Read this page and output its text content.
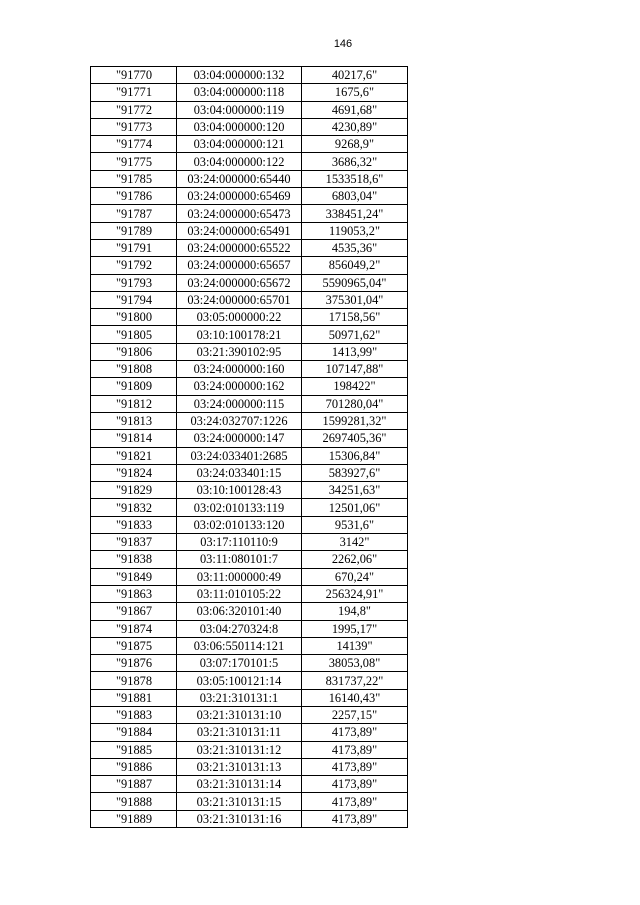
146
"91770	03:04:000000:132	40217,6"
"91771	03:04:000000:118	1675,6"
"91772	03:04:000000:119	4691,68"
"91773	03:04:000000:120	4230,89"
"91774	03:04:000000:121	9268,9"
"91775	03:04:000000:122	3686,32"
"91785	03:24:000000:65440	1533518,6"
"91786	03:24:000000:65469	6803,04"
"91787	03:24:000000:65473	338451,24"
"91789	03:24:000000:65491	119053,2"
"91791	03:24:000000:65522	4535,36"
"91792	03:24:000000:65657	856049,2"
"91793	03:24:000000:65672	5590965,04"
"91794	03:24:000000:65701	375301,04"
"91800	03:05:000000:22	17158,56"
"91805	03:10:100178:21	50971,62"
"91806	03:21:390102:95	1413,99"
"91808	03:24:000000:160	107147,88"
"91809	03:24:000000:162	198422"
"91812	03:24:000000:115	701280,04"
"91813	03:24:032707:1226	1599281,32"
"91814	03:24:000000:147	2697405,36"
"91821	03:24:033401:2685	15306,84"
"91824	03:24:033401:15	583927,6"
"91829	03:10:100128:43	34251,63"
"91832	03:02:010133:119	12501,06"
"91833	03:02:010133:120	9531,6"
"91837	03:17:110110:9	3142"
"91838	03:11:080101:7	2262,06"
"91849	03:11:000000:49	670,24"
"91863	03:11:010105:22	256324,91"
"91867	03:06:320101:40	194,8"
"91874	03:04:270324:8	1995,17"
"91875	03:06:550114:121	14139"
"91876	03:07:170101:5	38053,08"
"91878	03:05:100121:14	831737,22"
"91881	03:21:310131:1	16140,43"
"91883	03:21:310131:10	2257,15"
"91884	03:21:310131:11	4173,89"
"91885	03:21:310131:12	4173,89"
"91886	03:21:310131:13	4173,89"
"91887	03:21:310131:14	4173,89"
"91888	03:21:310131:15	4173,89"
"91889	03:21:310131:16	4173,89"
